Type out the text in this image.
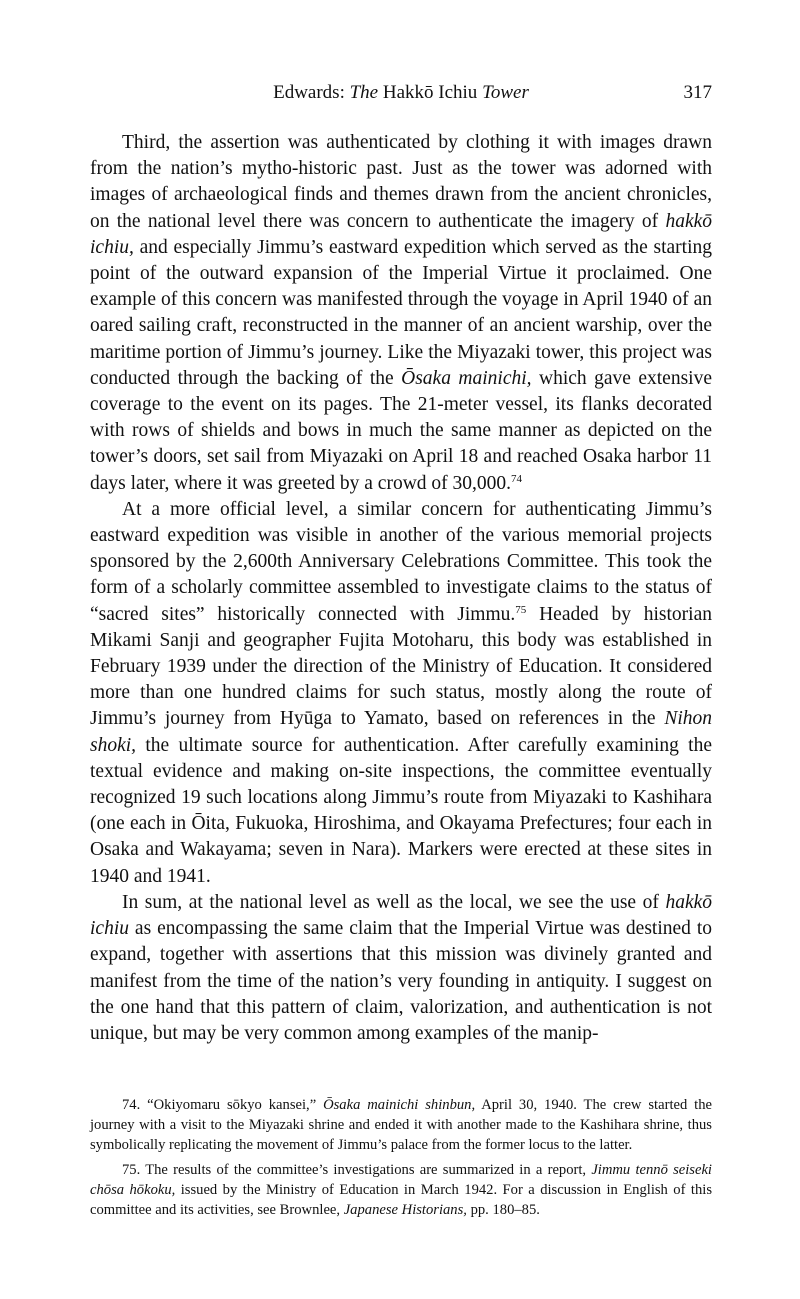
Edwards: The Hakkō Ichiu Tower	317

Third, the assertion was authenticated by clothing it with images drawn from the nation’s mytho-historic past. Just as the tower was adorned with images of archaeological finds and themes drawn from the ancient chronicles, on the national level there was concern to authenticate the imagery of hakkō ichiu, and especially Jimmu’s eastward expedition which served as the starting point of the outward expansion of the Imperial Virtue it proclaimed. One example of this concern was manifested through the voyage in April 1940 of an oared sailing craft, reconstructed in the manner of an ancient warship, over the maritime portion of Jimmu’s journey. Like the Miyazaki tower, this project was conducted through the backing of the Ōsaka mainichi, which gave extensive coverage to the event on its pages. The 21-meter vessel, its flanks decorated with rows of shields and bows in much the same manner as depicted on the tower’s doors, set sail from Miyazaki on April 18 and reached Osaka harbor 11 days later, where it was greeted by a crowd of 30,000.74

At a more official level, a similar concern for authenticating Jimmu’s eastward expedition was visible in another of the various memorial projects sponsored by the 2,600th Anniversary Celebrations Committee. This took the form of a scholarly committee assembled to investigate claims to the status of “sacred sites” historically connected with Jimmu.$^{75}$ Headed by historian Mikami Sanji and geographer Fujita Motoharu, this body was established in February 1939 under the direction of the Ministry of Education. It considered more than one hundred claims for such status, mostly along the route of Jimmu’s journey from Hyūga to Yamato, based on references in the Nihon shoki, the ultimate source for authentication. After carefully examining the textual evidence and making on-site inspections, the committee eventually recognized 19 such locations along Jimmu’s route from Miyazaki to Kashihara (one each in Ōita, Fukuoka, Hiroshima, and Okayama Prefectures; four each in Osaka and Wakayama; seven in Nara). Markers were erected at these sites in 1940 and 1941.

In sum, at the national level as well as the local, we see the use of hakkō ichiu as encompassing the same claim that the Imperial Virtue was destined to expand, together with assertions that this mission was divinely granted and manifest from the time of the nation’s very founding in antiquity. I suggest on the one hand that this pattern of claim, valorization, and authentication is not unique, but may be very common among examples of the manip-

74. “Okiyomaru sōkyo kansei,” Ōsaka mainichi shinbun, April 30, 1940. The crew started the journey with a visit to the Miyazaki shrine and ended it with another made to the Kashihara shrine, thus symbolically replicating the movement of Jimmu’s palace from the former locus to the latter.

75. The results of the committee’s investigations are summarized in a report, Jimmu tennō seiseki chōsa hōkoku, issued by the Ministry of Education in March 1942. For a discussion in English of this committee and its activities, see Brownlee, Japanese Historians, pp. 180–85.
